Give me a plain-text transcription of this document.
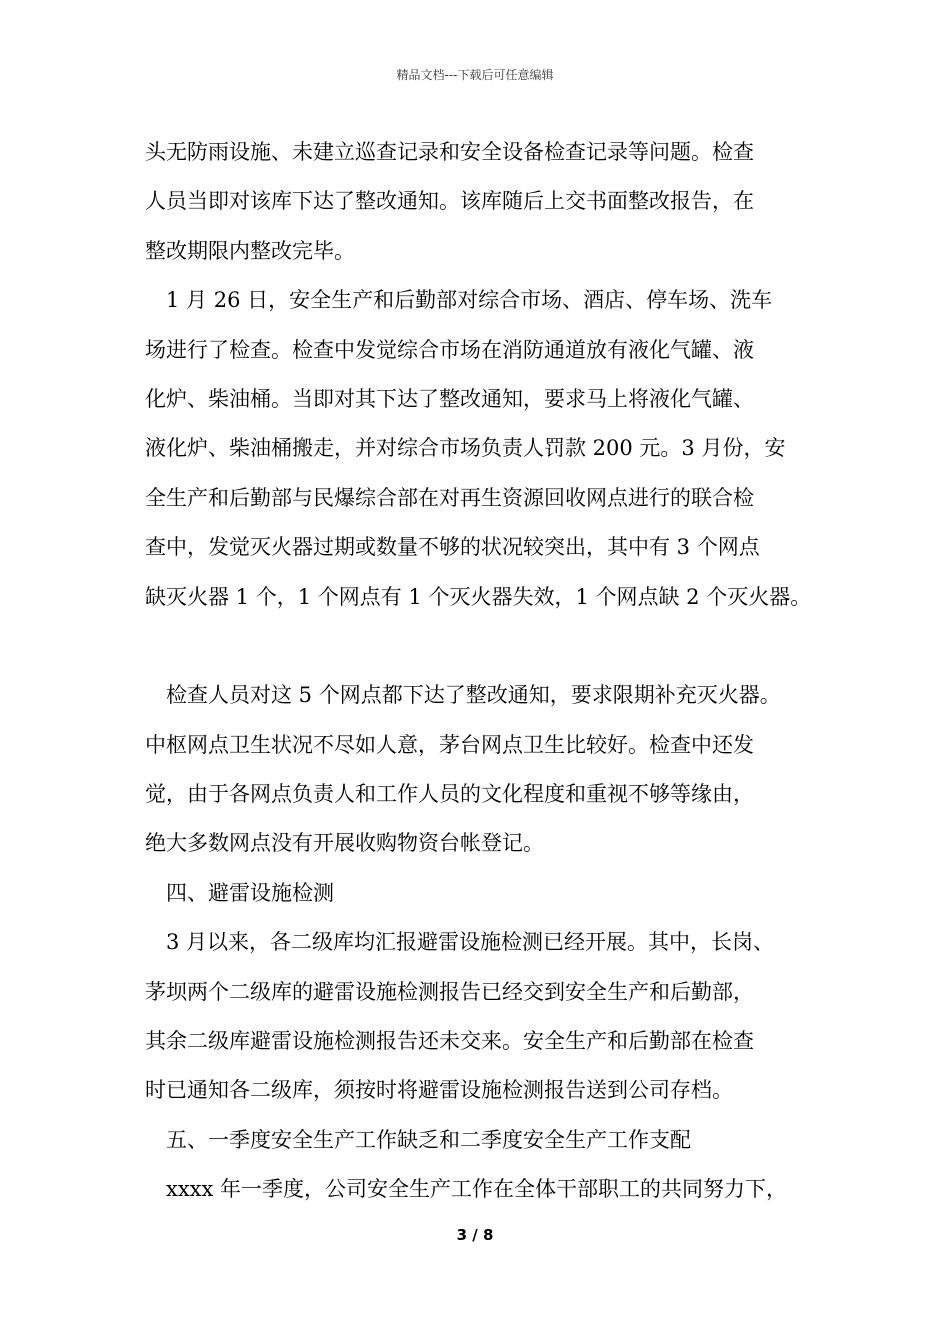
精品文档---下载后可任意编辑
头无防雨设施、未建立巡查记录和安全设备检查记录等问题。检查
人员当即对该库下达了整改通知。该库随后上交书面整改报告，在
整改期限内整改完毕。
1 月 26 日，安全生产和后勤部对综合市场、酒店、停车场、洗车
场进行了检查。检查中发觉综合市场在消防通道放有液化气罐、液
化炉、柴油桶。当即对其下达了整改通知，要求马上将液化气罐、
液化炉、柴油桶搬走，并对综合市场负责人罚款 200 元。3 月份，安
全生产和后勤部与民爆综合部在对再生资源回收网点进行的联合检
查中，发觉灭火器过期或数量不够的状况较突出，其中有 3 个网点
缺灭火器 1 个，1 个网点有 1 个灭火器失效，1 个网点缺 2 个灭火器。
检查人员对这 5 个网点都下达了整改通知，要求限期补充灭火器。
中枢网点卫生状况不尽如人意，茅台网点卫生比较好。检查中还发
觉，由于各网点负责人和工作人员的文化程度和重视不够等缘由，
绝大多数网点没有开展收购物资台帐登记。
四、避雷设施检测
3 月以来，各二级库均汇报避雷设施检测已经开展。其中，长岗、
茅坝两个二级库的避雷设施检测报告已经交到安全生产和后勤部，
其余二级库避雷设施检测报告还未交来。安全生产和后勤部在检查
时已通知各二级库，须按时将避雷设施检测报告送到公司存档。
五、一季度安全生产工作缺乏和二季度安全生产工作支配
xxxx 年一季度，公司安全生产工作在全体干部职工的共同努力下，
3 / 8
